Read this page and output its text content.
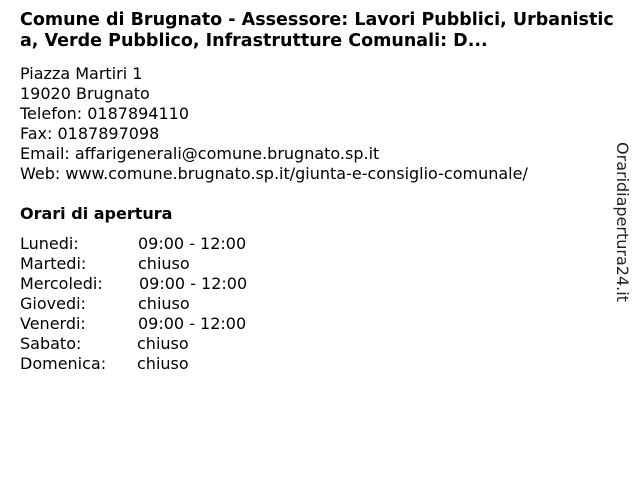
Comune di Brugnato - Assessore: Lavori Pubblici, Urbanistica, Verde Pubblico, Infrastrutture Comunali: D...
Piazza Martiri 1
19020 Brugnato
Telefon: 0187894110
Fax: 0187897098
Email: affarigenerali@comune.brugnato.sp.it
Web: www.comune.brugnato.sp.it/giunta-e-consiglio-comunale/
Orari di apertura
Lunedi:	09:00 - 12:00
Martedi:	chiuso
Mercoledi: 09:00 - 12:00
Giovedi:	chiuso
Venerdi:	09:00 - 12:00
Sabato:	chiuso
Domenica: chiuso
Oraridiapertura24.it
